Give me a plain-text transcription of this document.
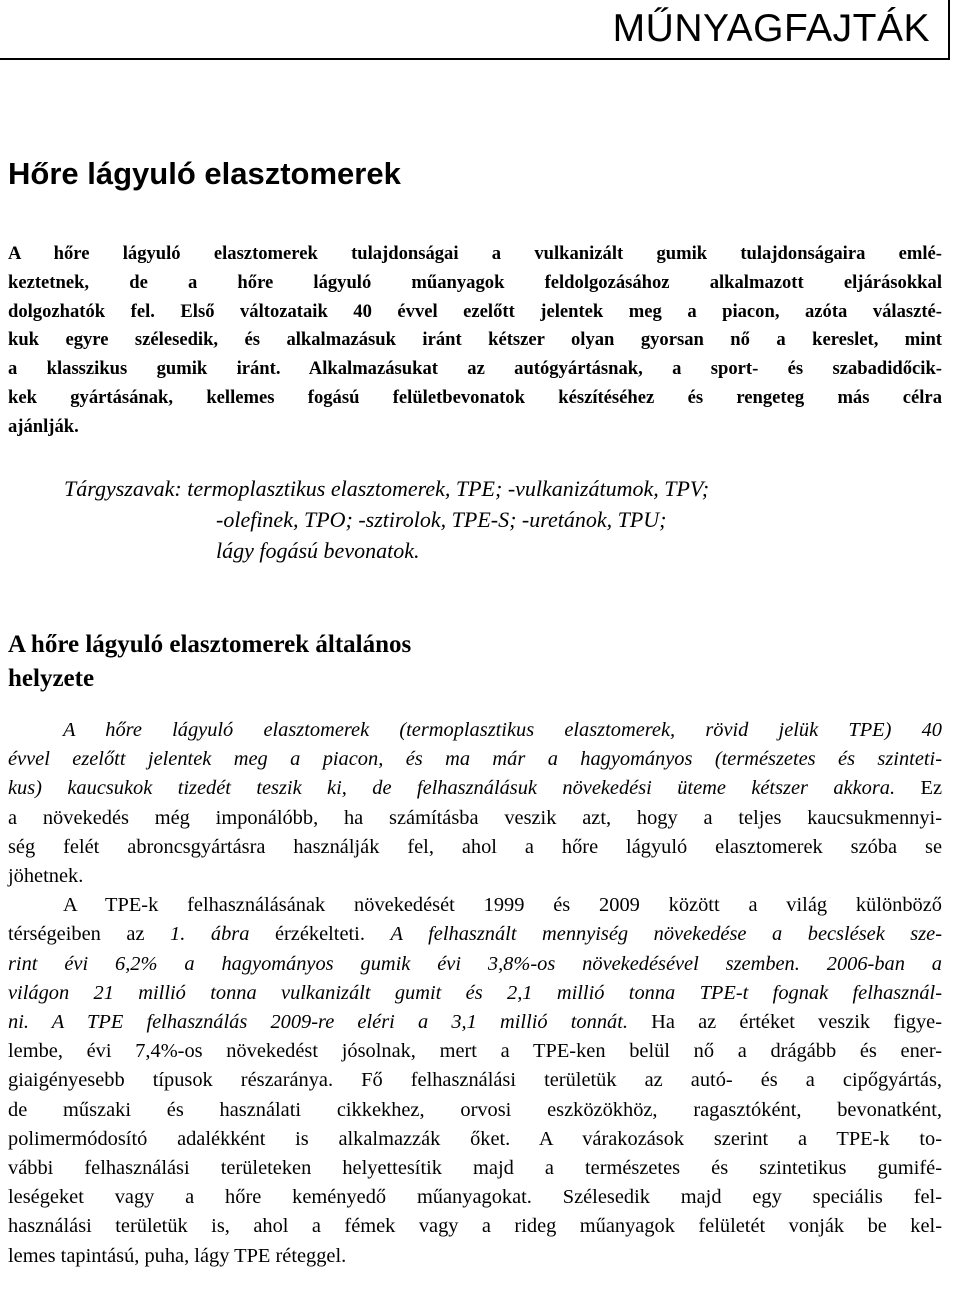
MŰNYAGFAJTÁK
Hőre lágyuló elasztomerek
A hőre lágyuló elasztomerek tulajdonságai a vulkanizált gumik tulajdonságaira emlé-
keztetnek, de a hőre lágyuló műanyagok feldolgozásához alkalmazott eljárásokkal
dolgozhatók fel. Első változataik 40 évvel ezelőtt jelentek meg a piacon, azóta választé-
kuk egyre szélesedik, és alkalmazásuk iránt kétszer olyan gyorsan nő a kereslet, mint
a klasszikus gumik iránt. Alkalmazásukat az autógyártásnak, a sport- és szabadidőcik-
kek gyártásának, kellemes fogású felületbevonatok készítéséhez és rengeteg más célra
ajánlják.
Tárgyszavak: termoplasztikus elasztomerek, TPE; -vulkanizátumok, TPV;
-olefinek, TPO; -sztirolok, TPE-S; -uretánok, TPU;
lágy fogású bevonatok.
A hőre lágyuló elasztomerek általános
helyzete
A hőre lágyuló elasztomerek (termoplasztikus elasztomerek, rövid jelük TPE) 40
évvel ezelőtt jelentek meg a piacon, és ma már a hagyományos (természetes és szinteti-
kus) kaucsukok tizedét teszik ki, de felhasználásuk növekedési üteme kétszer akkora. Ez
a növekedés még imponálóbb, ha számításba veszik azt, hogy a teljes kaucsukmennyi-
ség felét abroncsgyártásra használják fel, ahol a hőre lágyuló elasztomerek szóba se
jöhetnek.
A TPE-k felhasználásának növekedését 1999 és 2009 között a világ különböző
térségeiben az 1. ábra érzékelteti. A felhasznált mennyiség növekedése a becslések sze-
rint évi 6,2% a hagyományos gumik évi 3,8%-os növekedésével szemben. 2006-ban a
világon 21 millió tonna vulkanizált gumit és 2,1 millió tonna TPE-t fognak felhasznál-
ni. A TPE felhasználás 2009-re eléri a 3,1 millió tonnát. Ha az értéket veszik figye-
lembe, évi 7,4%-os növekedést jósolnak, mert a TPE-ken belül nő a drágább és ener-
giaigényesebb típusok részaránya. Fő felhasználási területük az autó- és a cipőgyártás,
de műszaki és használati cikkekhez, orvosi eszközökhöz, ragasztóként, bevonatként,
polimermódosító adalékként is alkalmazzák őket. A várakozások szerint a TPE-k to-
vábbi felhasználási területeken helyettesítik majd a természetes és szintetikus gumifé-
leségeket vagy a hőre keményedő műanyagokat. Szélesedik majd egy speciális fel-
használási területük is, ahol a fémek vagy a rideg műanyagok felületét vonják be kel-
lemes tapintású, puha, lágy TPE réteggel.
